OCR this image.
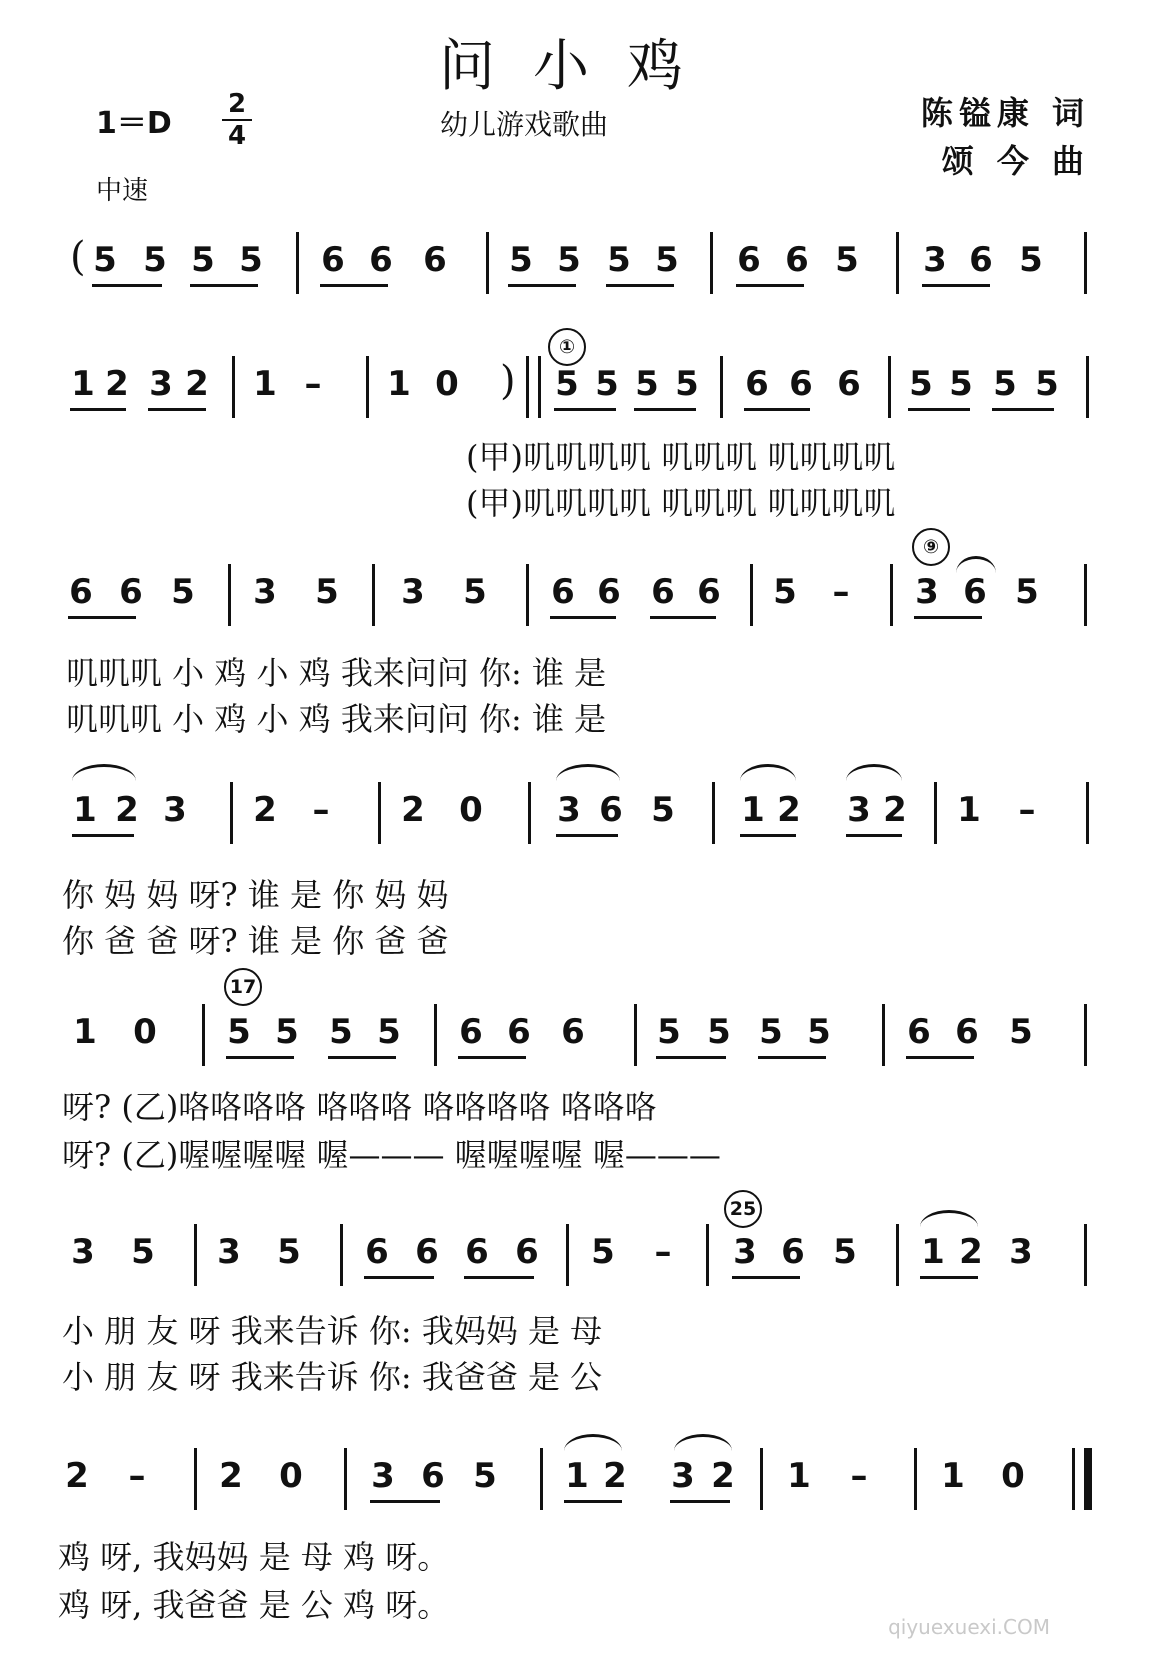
问小鸡
1＝D
2
4	幼儿游戏歌曲
中速
陈镒康 词
颂 今 曲
( 5 5 5 5 6 6 6 5 5 5 5 6 6 5 3 6 5
①
1 2 3 2 1 – 1 0 ) 5 5 5 5 6 6 6 5 5 5 5
(甲)叽叽叽叽 叽叽叽 叽叽叽叽
(甲)叽叽叽叽 叽叽叽 叽叽叽叽
⑨
6 6 5 3 5 3 5 6 6 6 6 5 – 3 6 5
叽叽叽 小 鸡 小 鸡 我来问问 你: 谁 是
叽叽叽 小 鸡 小 鸡 我来问问 你: 谁 是
1 2 3 2 – 2 0 3 6 5 1 2 3 2 1 –
你 妈 妈 呀? 谁 是 你 妈 妈
你 爸 爸 呀? 谁 是 你 爸 爸
17
1 0 5 5 5 5 6 6 6 5 5 5 5 6 6 5
呀? (乙)咯咯咯咯 咯咯咯 咯咯咯咯 咯咯咯
呀? (乙)喔喔喔喔 喔——— 喔喔喔喔 喔———
25
3 5 3 5 6 6 6 6 5 – 3 6 5 1 2 3
小 朋 友 呀 我来告诉 你: 我妈妈 是 母
小 朋 友 呀 我来告诉 你: 我爸爸 是 公
2 – 2 0 3 6 5 1 2 3 2 1 – 1 0
鸡 呀, 我妈妈 是 母 鸡 呀。
鸡 呀, 我爸爸 是 公 鸡 呀。
qiyuexuexi.COM
